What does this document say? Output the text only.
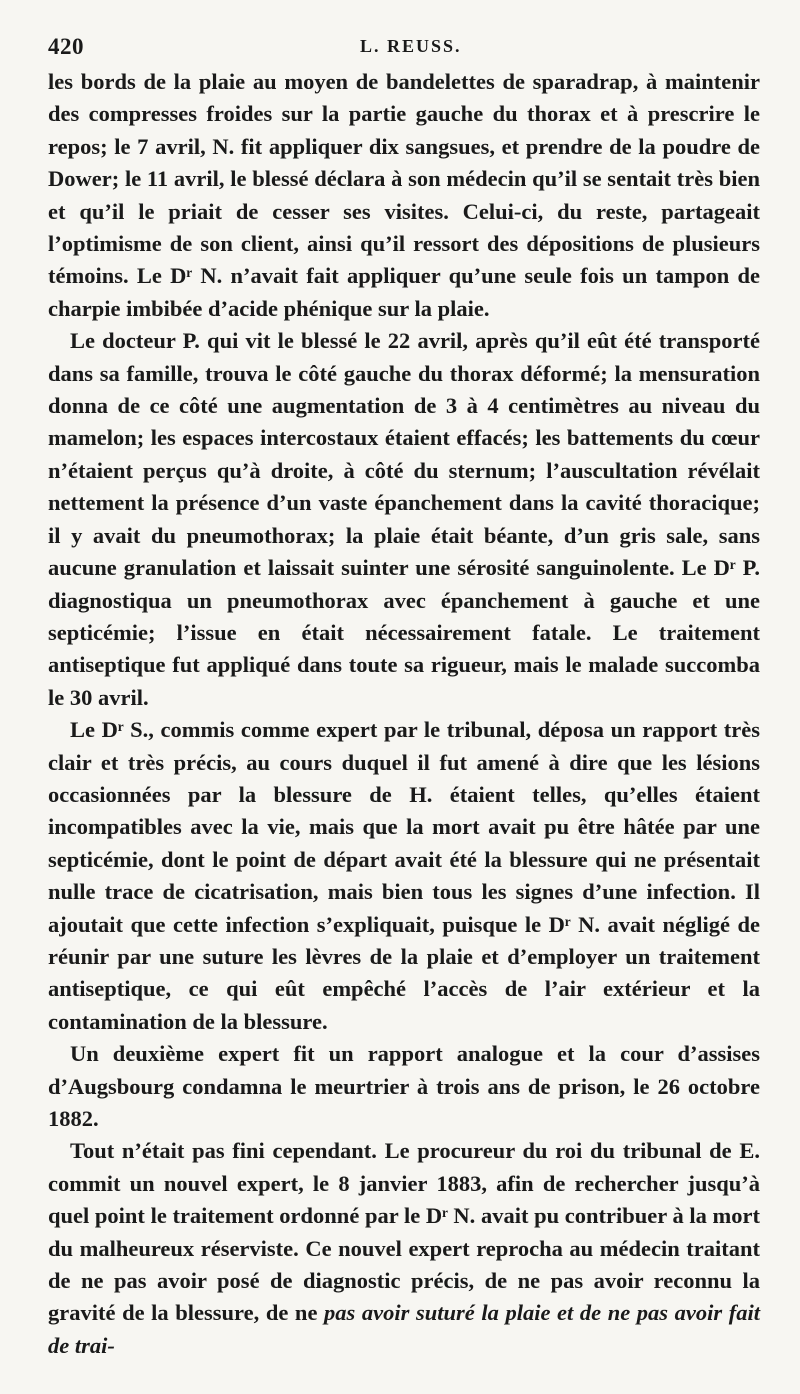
420	L. REUSS.

les bords de la plaie au moyen de bandelettes de sparadrap, à maintenir des compresses froides sur la partie gauche du thorax et à prescrire le repos; le 7 avril, N. fit appliquer dix sangsues, et prendre de la poudre de Dower; le 11 avril, le blessé déclara à son médecin qu’il se sentait très bien et qu’il le priait de cesser ses visites. Celui-ci, du reste, partageait l’optimisme de son client, ainsi qu’il ressort des dépositions de plusieurs témoins. Le Dʳ N. n’avait fait appliquer qu’une seule fois un tampon de charpie imbibée d’acide phénique sur la plaie.

Le docteur P. qui vit le blessé le 22 avril, après qu’il eût été transporté dans sa famille, trouva le côté gauche du thorax déformé; la mensuration donna de ce côté une augmentation de 3 à 4 centimètres au niveau du mamelon; les espaces intercostaux étaient effacés; les battements du cœur n’étaient perçus qu’à droite, à côté du sternum; l’auscultation révélait nettement la présence d’un vaste épanchement dans la cavité thoracique; il y avait du pneumothorax; la plaie était béante, d’un gris sale, sans aucune granulation et laissait suinter une sérosité sanguinolente. Le Dʳ P. diagnostiqua un pneumothorax avec épanchement à gauche et une septicémie; l’issue en était nécessairement fatale. Le traitement antiseptique fut appliqué dans toute sa rigueur, mais le malade succomba le 30 avril.

Le Dʳ S., commis comme expert par le tribunal, déposa un rapport très clair et très précis, au cours duquel il fut amené à dire que les lésions occasionnées par la blessure de H. étaient telles, qu’elles étaient incompatibles avec la vie, mais que la mort avait pu être hâtée par une septicémie, dont le point de départ avait été la blessure qui ne présentait nulle trace de cicatrisation, mais bien tous les signes d’une infection. Il ajoutait que cette infection s’expliquait, puisque le Dʳ N. avait négligé de réunir par une suture les lèvres de la plaie et d’employer un traitement antiseptique, ce qui eût empêché l’accès de l’air extérieur et la contamination de la blessure.

Un deuxième expert fit un rapport analogue et la cour d’assises d’Augsbourg condamna le meurtrier à trois ans de prison, le 26 octobre 1882.

Tout n’était pas fini cependant. Le procureur du roi du tribunal de E. commit un nouvel expert, le 8 janvier 1883, afin de rechercher jusqu’à quel point le traitement ordonné par le Dʳ N. avait pu contribuer à la mort du malheureux réserviste. Ce nouvel expert reprocha au médecin traitant de ne pas avoir posé de diagnostic précis, de ne pas avoir reconnu la gravité de la blessure, de ne pas avoir suturé la plaie et de ne pas avoir fait de trai-
